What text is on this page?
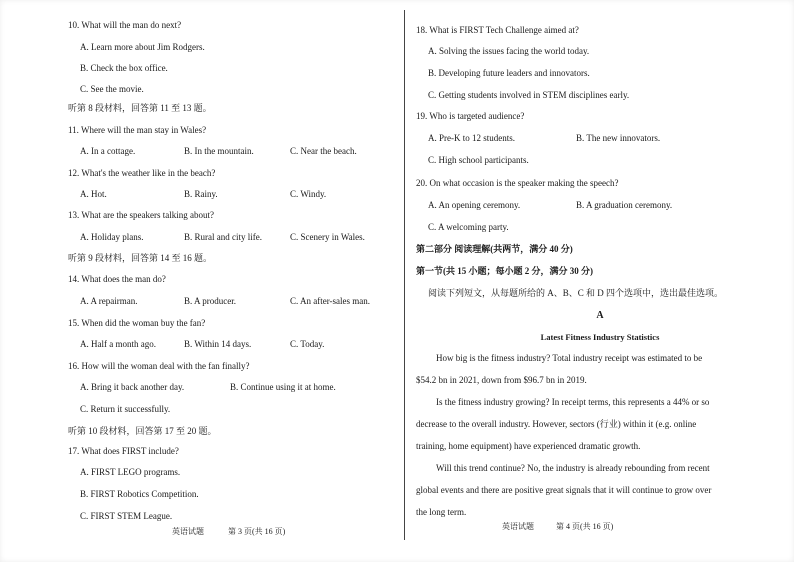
10. What will the man do next?
A. Learn more about Jim Rodgers.
B. Check the box office.
C. See the movie.
听第 8 段材料，回答第 11 至 13 题。
11. Where will the man stay in Wales?
A. In a cottage.	B. In the mountain.	C. Near the beach.
12. What's the weather like in the beach?
A. Hot.	B. Rainy.	C. Windy.
13. What are the speakers talking about?
A. Holiday plans.	B. Rural and city life.	C. Scenery in Wales.
听第 9 段材料，回答第 14 至 16 题。
14. What does the man do?
A. A repairman.	B. A producer.	C. An after-sales man.
15. When did the woman buy the fan?
A. Half a month ago.	B. Within 14 days.	C. Today.
16. How will the woman deal with the fan finally?
A. Bring it back another day.	B. Continue using it at home.
C. Return it successfully.
听第 10 段材料，回答第 17 至 20 题。
17. What does FIRST include?
A. FIRST LEGO programs.
B. FIRST Robotics Competition.
C. FIRST STEM League.
英语试题	第 3 页(共 16 页)
18. What is FIRST Tech Challenge aimed at?
A. Solving the issues facing the world today.
B. Developing future leaders and innovators.
C. Getting students involved in STEM disciplines early.
19. Who is targeted audience?
A. Pre-K to 12 students.	B. The new innovators.
C. High school participants.
20. On what occasion is the speaker making the speech?
A. An opening ceremony.	B. A graduation ceremony.
C. A welcoming party.
第二部分 阅读理解(共两节，满分 40 分)
第一节(共 15 小题；每小题 2 分，满分 30 分)
阅读下列短文，从每题所给的 A、B、C 和 D 四个选项中，选出最佳选项。
A
Latest Fitness Industry Statistics
How big is the fitness industry? Total industry receipt was estimated to be
$54.2 bn in 2021, down from $96.7 bn in 2019.
Is the fitness industry growing? In receipt terms, this represents a 44% or so
decrease to the overall industry. However, sectors (行业) within it (e.g. online
training, home equipment) have experienced dramatic growth.
Will this trend continue? No, the industry is already rebounding from recent
global events and there are positive great signals that it will continue to grow over
the long term.
英语试题	第 4 页(共 16 页)
